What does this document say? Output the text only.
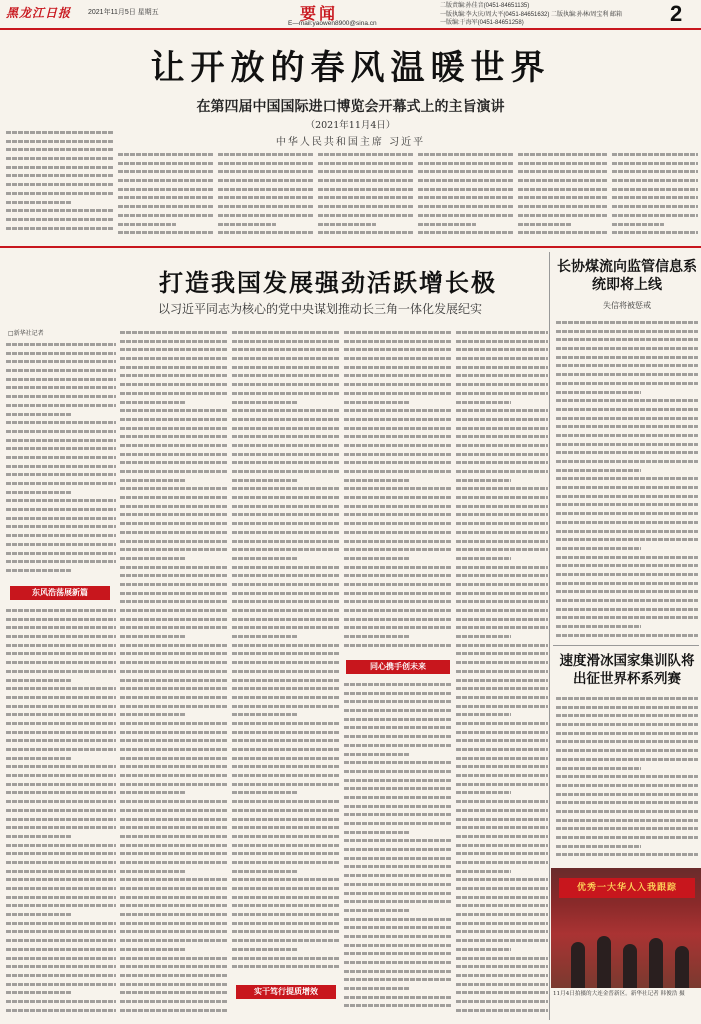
黑龙江日报 2021年11月5日 星期五	要闻
E—mail:yaowen8900@sina.cn
二版责编:孙佳音(0451-84651135)
一版执编:李大庆/周大平(0451-84651632) 二版执编:孙林/周宝利 邮箱
一版编:于海军(0451-84651258)	2
让开放的春风温暖世界
在第四届中国国际进口博览会开幕式上的主旨演讲
（2021年11月4日）
中华人民共和国主席 习近平
打造我国发展强劲活跃增长极
以习近平同志为核心的党中央谋划推动长三角一体化发展纪实
□新华社记者
东风浩荡展新篇
实干笃行提质增效
同心携手创未来
长协煤流向监管信息系统即将上线
失信将被惩戒
速度滑冰国家集训队将出征世界杯系列赛
优秀一大华人入我跟踪
11月4日拍摄的大连金普新区。新华社记者 韩俊浩 摄
